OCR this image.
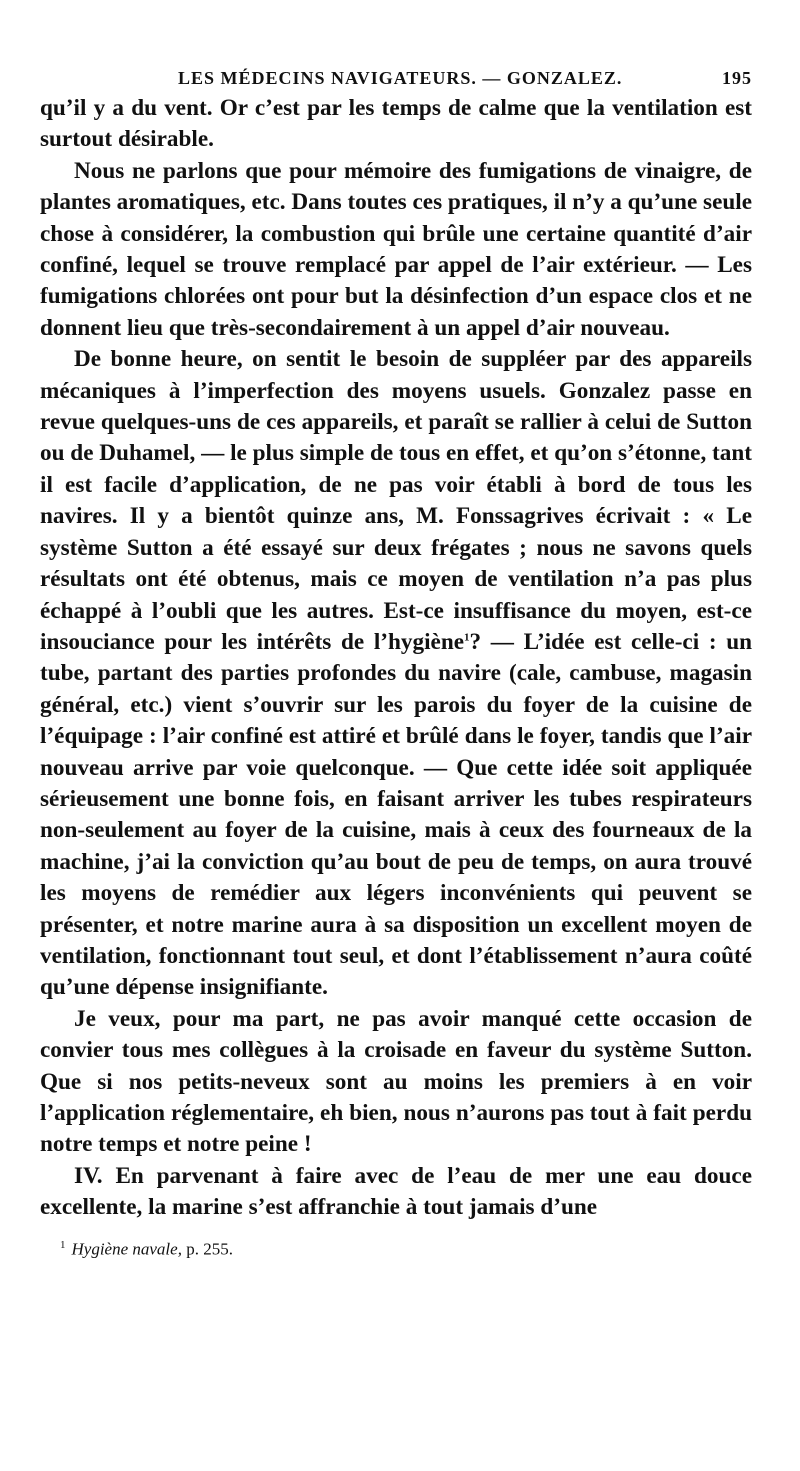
LES MÉDECINS NAVIGATEURS. — GONZALEZ.	195

qu’il y a du vent. Or c’est par les temps de calme que la ventilation est surtout désirable.

Nous ne parlons que pour mémoire des fumigations de vinaigre, de plantes aromatiques, etc. Dans toutes ces pratiques, il n’y a qu’une seule chose à considérer, la combustion qui brûle une certaine quantité d’air confiné, lequel se trouve remplacé par appel de l’air extérieur. — Les fumigations chlorées ont pour but la désinfection d’un espace clos et ne donnent lieu que très-secondairement à un appel d’air nouveau.

De bonne heure, on sentit le besoin de suppléer par des appareils mécaniques à l’imperfection des moyens usuels. Gonzalez passe en revue quelques-uns de ces appareils, et paraît se rallier à celui de Sutton ou de Duhamel, — le plus simple de tous en effet, et qu’on s’étonne, tant il est facile d’application, de ne pas voir établi à bord de tous les navires. Il y a bientôt quinze ans, M. Fonssagrives écrivait : « Le système Sutton a été essayé sur deux frégates ; nous ne savons quels résultats ont été obtenus, mais ce moyen de ventilation n’a pas plus échappé à l’oubli que les autres. Est-ce insuffisance du moyen, est-ce insouciance pour les intérêts de l’hygiène$^1$? — L’idée est celle-ci : un tube, partant des parties profondes du navire (cale, cambuse, magasin général, etc.) vient s’ouvrir sur les parois du foyer de la cuisine de l’équipage : l’air confiné est attiré et brûlé dans le foyer, tandis que l’air nouveau arrive par voie quelconque. — Que cette idée soit appliquée sérieusement une bonne fois, en faisant arriver les tubes respirateurs non-seulement au foyer de la cuisine, mais à ceux des fourneaux de la machine, j’ai la conviction qu’au bout de peu de temps, on aura trouvé les moyens de remédier aux légers inconvénients qui peuvent se présenter, et notre marine aura à sa disposition un excellent moyen de ventilation, fonctionnant tout seul, et dont l’établissement n’aura coûté qu’une dépense insignifiante.

Je veux, pour ma part, ne pas avoir manqué cette occasion de convier tous mes collègues à la croisade en faveur du système Sutton. Que si nos petits-neveux sont au moins les premiers à en voir l’application réglementaire, eh bien, nous n’aurons pas tout à fait perdu notre temps et notre peine !

IV. En parvenant à faire avec de l’eau de mer une eau douce excellente, la marine s’est affranchie à tout jamais d’une

$^1$ Hygiène navale, p. 255.
